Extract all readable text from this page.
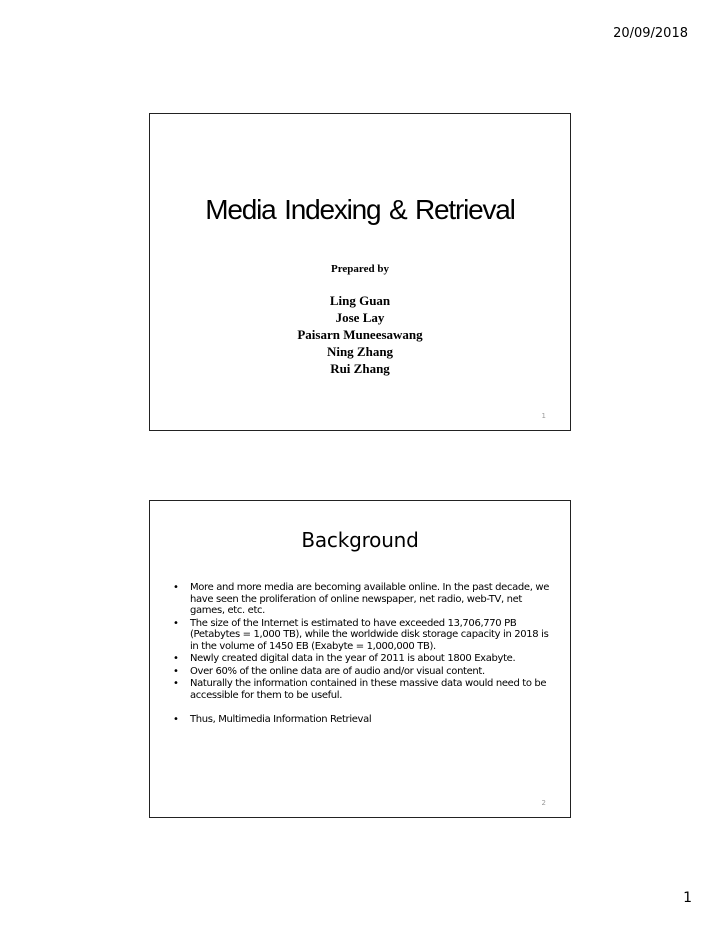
20/09/2018
Media Indexing & Retrieval
Prepared by
Ling Guan
Jose Lay
Paisarn Muneesawang
Ning Zhang
Rui Zhang
1
Background
• More and more media are becoming available online. In the past decade, we have seen the proliferation of online newspaper, net radio, web-TV, net games, etc. etc.
• The size of the Internet is estimated to have exceeded 13,706,770 PB (Petabytes = 1,000 TB), while the worldwide disk storage capacity in 2018 is in the volume of 1450 EB (Exabyte = 1,000,000 TB).
• Newly created digital data in the year of 2011 is about 1800 Exabyte.
• Over 60% of the online data are of audio and/or visual content.
• Naturally the information contained in these massive data would need to be accessible for them to be useful.
• Thus, Multimedia Information Retrieval
2
1
